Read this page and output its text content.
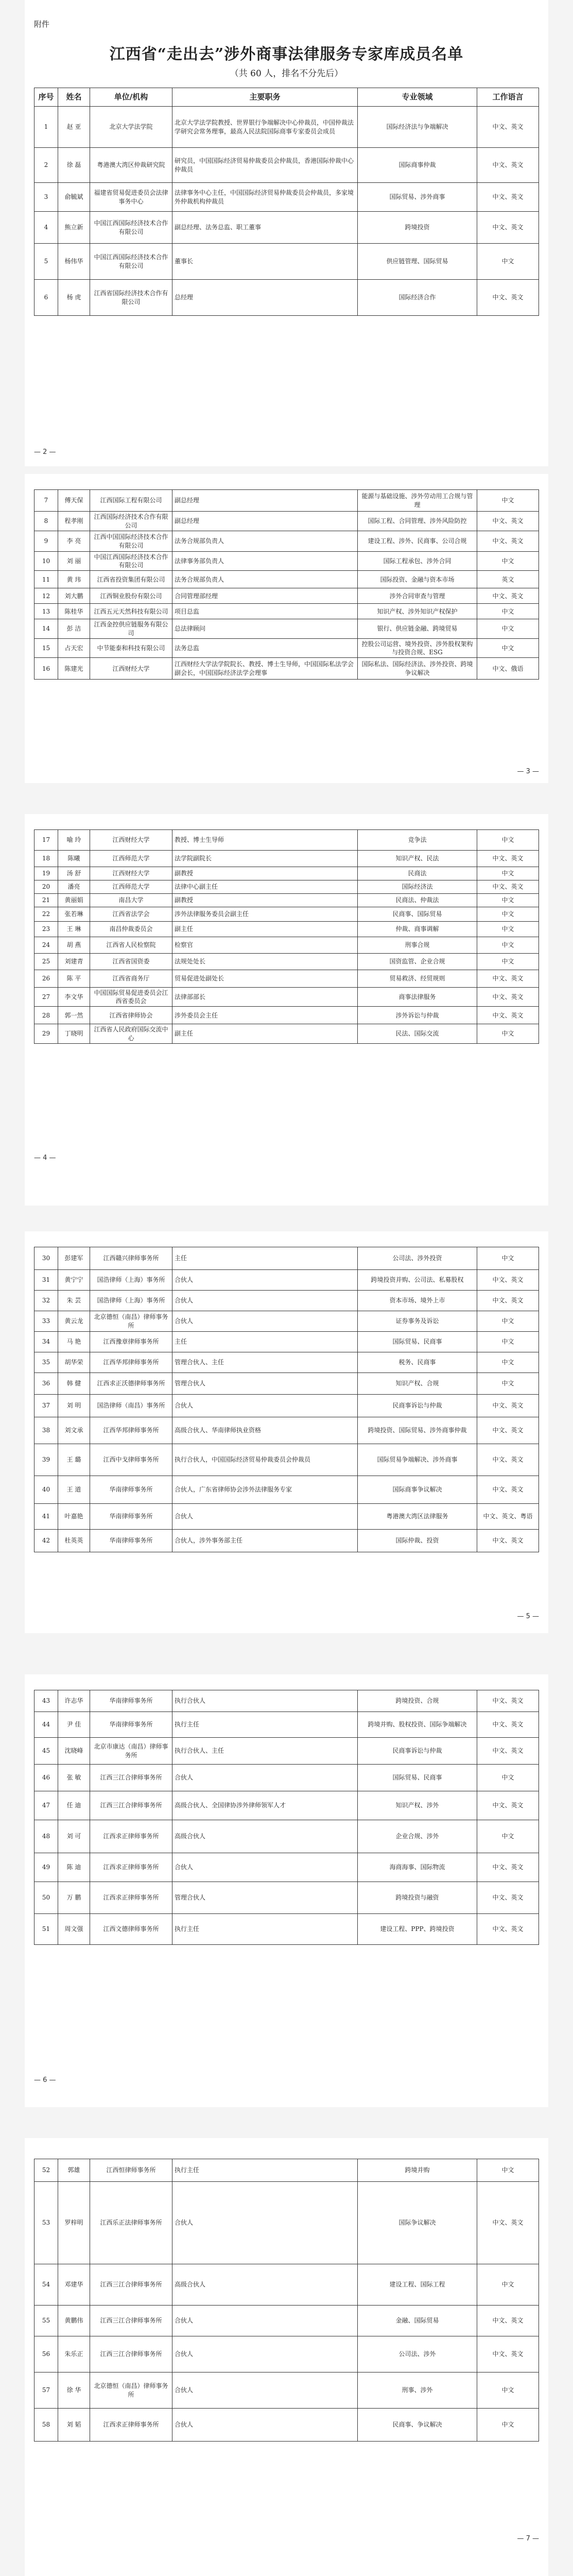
附件
江西省“走出去”涉外商事法律服务专家库成员名单
（共 60 人，排名不分先后）
序号	姓名	单位/机构	主要职务	专业领域	工作语言
1	赵 亚	北京大学法学院	北京大学法学院教授、世界银行争端解决中心仲裁员，中国仲裁法学研究会常务理事，最高人民法院国际商事专家委员会成员	国际经济法与争端解决	中文、英文
2	徐 磊	粤港澳大湾区仲裁研究院	研究员，中国国际经济贸易仲裁委员会仲裁员，香港国际仲裁中心仲裁员	国际商事仲裁	中文、英文
3	俞毓斌	福建省贸易促进委员会法律事务中心	法律事务中心主任，中国国际经济贸易仲裁委员会仲裁员，多家境外仲裁机构仲裁员	国际贸易、涉外商事	中文、英文
4	熊立新	中国江西国际经济技术合作有限公司	副总经理、法务总监、职工董事	跨境投资	中文、英文
5	杨伟华	中国江西国际经济技术合作有限公司	董事长	供应链管理、国际贸易	中文
6	杨 虎	江西省国际经济技术合作有限公司	总经理	国际经济合作	中文、英文
— 2 —
7	傅天保	江西国际工程有限公司	副总经理	能源与基础设施、涉外劳动用工合规与管理	中文
8	程孝刚	江西国际经济技术合作有限公司	副总经理	国际工程、合同管理、涉外风险防控	中文、英文
9	李 亮	江西中国国际经济技术合作有限公司	法务合规部负责人	建设工程、涉外、民商事、公司合规	中文、英文
10	刘 丽	中国江西国际经济技术合作有限公司	法律事务部负责人	国际工程承包、涉外合同	中文
11	黄 玮	江西省投资集团有限公司	法务合规部负责人	国际投资、金融与资本市场	英文
12	刘大鹏	江西铜业股份有限公司	合同管理部经理	涉外合同审查与管理	中文、英文
13	陈桂华	江西五元天然科技有限公司	项目总监	知识产权、涉外知识产权保护	中文
14	彭 洁	江西金控供应链服务有限公司	总法律顾问	银行、供应链金融、跨境贸易	中文
15	占天宏	中节能泰和科技有限公司	法务总监	控股公司运营、境外投资、涉外股权架构与投资合规、ESG	中文
16	陈建光	江西财经大学	江西财经大学法学院院长、教授、博士生导师，中国国际私法学会副会长，中国国际经济法学会理事	国际私法、国际经济法、涉外投资、跨境争议解决	中文、俄语
— 3 —
17	喻 玲	江西财经大学	教授、博士生导师	竞争法	中文
18	陈曦	江西师范大学	法学院副院长	知识产权、民法	中文、英文
19	汤 舒	江西财经大学	副教授	民商法	中文
20	潘亮	江西师范大学	法律中心副主任	国际经济法	中文、英文
21	黄丽娟	南昌大学	副教授	民商法、仲裁法	中文
22	张若琳	江西省法学会	涉外法律服务委员会副主任	民商事、国际贸易	中文
23	王 琳	南昌仲裁委员会	副主任	仲裁、商事调解	中文
24	胡 燕	江西省人民检察院	检察官	刑事合规	中文
25	刘建青	江西省国资委	法规处处长	国资监管、企业合规	中文
26	陈 平	江西省商务厅	贸易促进处副处长	贸易救济、经贸规则	中文、英文
27	李文华	中国国际贸易促进委员会江西省委员会	法律部部长	商事法律服务	中文、英文
28	郭一然	江西省律师协会	涉外委员会主任	涉外诉讼与仲裁	中文、英文
29	丁晓明	江西省人民政府国际交流中心	副主任	民法、国际交流	中文
— 4 —
30	彭建军	江西赣兴律师事务所	主任	公司法、涉外投资	中文
31	黄宁宁	国浩律师（上海）事务所	合伙人	跨境投资并购、公司法、私募股权	中文、英文
32	朱 芸	国浩律师（上海）事务所	合伙人	资本市场、境外上市	中文、英文
33	黄云龙	北京德恒（南昌）律师事务所	合伙人	证券事务及诉讼	中文
34	马 艳	江西豫章律师事务所	主任	国际贸易、民商事	中文
35	胡华荣	江西华邦律师事务所	管理合伙人、主任	税务、民商事	中文
36	韩 健	江西求正沃德律师事务所	管理合伙人	知识产权、合规	中文
37	刘 明	国浩律师（南昌）事务所	合伙人	民商事诉讼与仲裁	中文、英文
38	刘文承	江西华邦律师事务所	高级合伙人、华南律师执业资格	跨境投资、国际贸易、涉外商事仲裁	中文、英文
39	王 璐	江西中戈律师事务所	执行合伙人，中国国际经济贸易仲裁委员会仲裁员	国际贸易争端解决、涉外商事	中文、英文
40	王 道	华南律师事务所	合伙人，广东省律师协会涉外法律服务专家	国际商事争议解决	中文、英文
41	叶嘉艳	华南律师事务所	合伙人	粤港澳大湾区法律服务	中文、英文、粤语
42	杜英英	华南律师事务所	合伙人，涉外事务部主任	国际仲裁、投资	中文、英文
— 5 —
43	许志华	华南律师事务所	执行合伙人	跨境投资、合规	中文、英文
44	尹 佳	华南律师事务所	执行主任	跨境并购、股权投资、国际争端解决	中文、英文
45	沈晓峰	北京市康达（南昌）律师事务所	执行合伙人、主任	民商事诉讼与仲裁	中文、英文
46	张 敏	江西三江合律师事务所	合伙人	国际贸易、民商事	中文
47	任 迪	江西三江合律师事务所	高级合伙人、全国律协涉外律师领军人才	知识产权、涉外	中文、英文
48	刘 可	江西求正律师事务所	高级合伙人	企业合规、涉外	中文
49	陈 迪	江西求正律师事务所	合伙人	海商海事、国际物流	中文、英文
50	万 鹏	江西求正律师事务所	管理合伙人	跨境投资与融资	中文、英文
51	周文强	江西文德律师事务所	执行主任	建设工程、PPP、跨境投资	中文、英文
— 6 —
52	郭雄	江西恒律师事务所	执行主任	跨境并购	中文
53	罗梓明	江西乐正法律师事务所	合伙人	国际争议解决	中文、英文
54	邓建华	江西三江合律师事务所	高级合伙人	建设工程、国际工程	中文
55	黄鹏伟	江西三江合律师事务所	合伙人	金融、国际贸易	中文、英文
56	朱乐正	江西三江合律师事务所	合伙人	公司法、涉外	中文、英文
57	徐 华	北京德恒（南昌）律师事务所	合伙人	刑事、涉外	中文
58	刘 韬	江西求正律师事务所	合伙人	民商事、争议解决	中文
— 7 —
